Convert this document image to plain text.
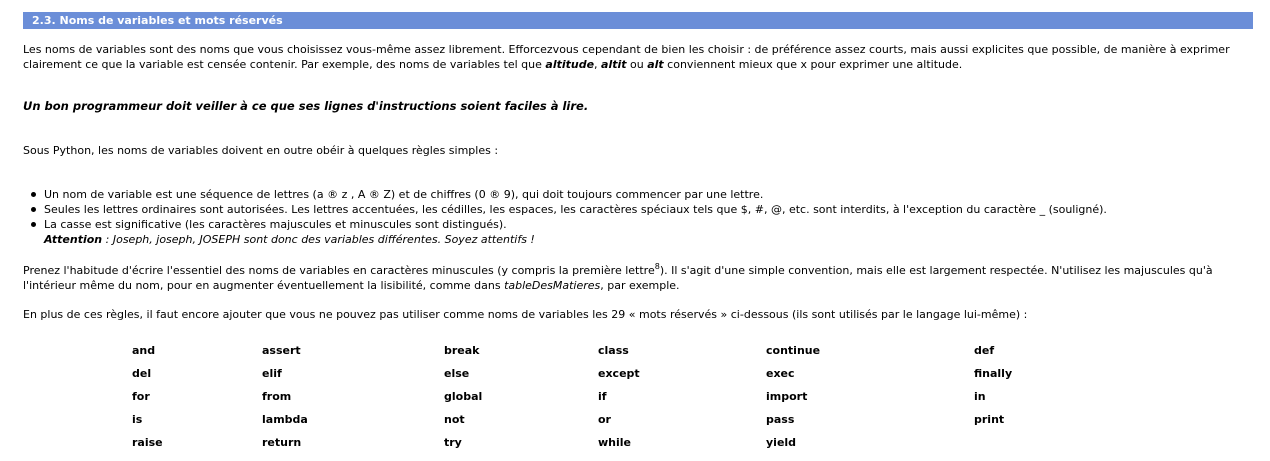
2.3. Noms de variables et mots réservés

Les noms de variables sont des noms que vous choisissez vous-même assez librement. Efforcezvous cependant de bien les choisir : de préférence assez courts, mais aussi explicites que possible, de manière à exprimer clairement ce que la variable est censée contenir. Par exemple, des noms de variables tel que altitude, altit ou alt conviennent mieux que x pour exprimer une altitude.

Un bon programmeur doit veiller à ce que ses lignes d'instructions soient faciles à lire.

Sous Python, les noms de variables doivent en outre obéir à quelques règles simples :

Un nom de variable est une séquence de lettres (a ® z , A ® Z) et de chiffres (0 ® 9), qui doit toujours commencer par une lettre.
Seules les lettres ordinaires sont autorisées. Les lettres accentuées, les cédilles, les espaces, les caractères spéciaux tels que $, #, @, etc. sont interdits, à l'exception du caractère _ (souligné).
La casse est significative (les caractères majuscules et minuscules sont distingués).
Attention : Joseph, joseph, JOSEPH sont donc des variables différentes. Soyez attentifs !

Prenez l'habitude d'écrire l'essentiel des noms de variables en caractères minuscules (y compris la première lettre$^8$). Il s'agit d'une simple convention, mais elle est largement respectée. N'utilisez les majuscules qu'à l'intérieur même du nom, pour en augmenter éventuellement la lisibilité, comme dans tableDesMatieres, par exemple.

En plus de ces règles, il faut encore ajouter que vous ne pouvez pas utiliser comme noms de variables les 29 « mots réservés » ci-dessous (ils sont utilisés par le langage lui-même) :

and	assert	break	class	continue	def
del	elif	else	except	exec	finally
for	from	global	if	import	in
is	lambda	not	or	pass	print
raise	return	try	while	yield	
